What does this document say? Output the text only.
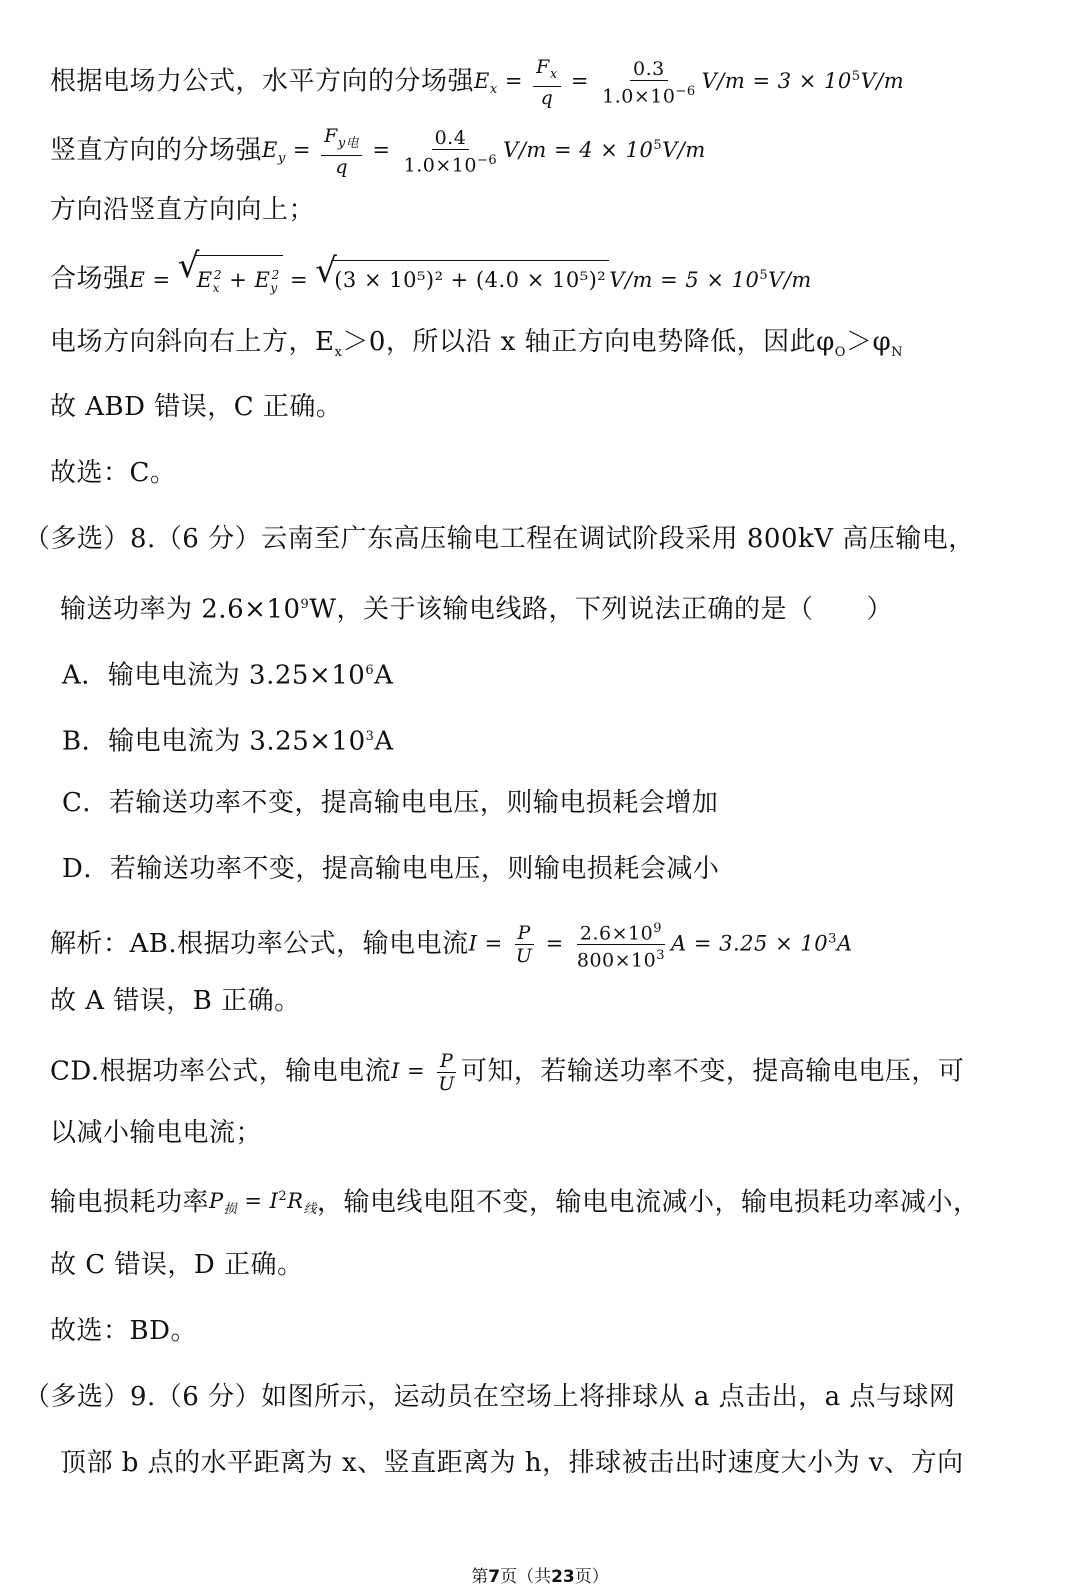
根据电场力公式，水平方向的分场强$E_x = \frac{F_x}{q} = \frac{0.3}{1.0\times 10^{-6}} V/m = 3 \times 10^5V/m$
竖直方向的分场强$E_y = \frac{F_{y电}}{q} = \frac{0.4}{1.0\times 10^{-6}} V/m = 4 \times 10^5V/m$
方向沿竖直方向向上；
合场强E = √
$E_x^2 + E_y^2$ = √
(3 × 10⁵)² + (4.0 × 10⁵)² $V/m = 5 \times 10^5V/m$
电场方向斜向右上方，$E_x>0$，所以沿 x 轴正方向电势降低，因此$\varphi_O>\varphi_N$
故 ABD 错误，C 正确。
故选：C。
（多选）8.（6 分）云南至广东高压输电工程在调试阶段采用 800kV 高压输电，
输送功率为 $2.6\times 10^9W$，关于该输电线路，下列说法正确的是（　　）
A．输电电流为 $3.25\times 10^6A$
B．输电电流为 $3.25\times 10^3A$
C．若输送功率不变，提高输电电压，则输电损耗会增加
D．若输送功率不变，提高输电电压，则输电损耗会减小
解析：AB.根据功率公式，输电电流$I = \frac{P}{U} = \frac{2.6\times 10^9}{800\times 10^3}$ $A = 3.25 \times 10^3A$
故 A 错误，B 正确。
CD.根据功率公式，输电电流$I = \frac{P}{U}$ 可知，若输送功率不变，提高输电电压，可
以减小输电电流；
输电损耗功率$P_损 = I^2R_线$，输电线电阻不变，输电电流减小，输电损耗功率减小，
故 C 错误，D 正确。
故选：BD。
（多选）9.（6 分）如图所示，运动员在空场上将排球从 a 点击出，a 点与球网
顶部 b 点的水平距离为 x、竖直距离为 h，排球被击出时速度大小为 v、方向
第7页（共23页）
